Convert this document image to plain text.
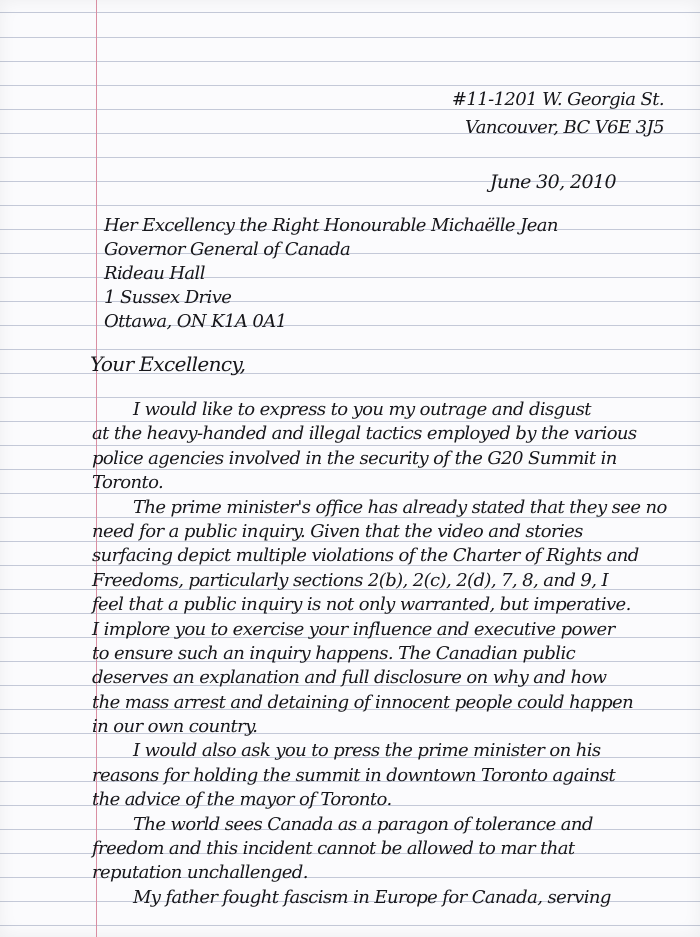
#11-1201 W. Georgia St.
Vancouver, BC V6E 3J5
June 30, 2010
Her Excellency the Right Honourable Michaëlle Jean
Governor General of Canada
Rideau Hall
1 Sussex Drive
Ottawa, ON K1A 0A1
Your Excellency,
I would like to express to you my outrage and disgust
at the heavy-handed and illegal tactics employed by the various
police agencies involved in the security of the G20 Summit in
Toronto.
The prime minister's office has already stated that they see no
need for a public inquiry. Given that the video and stories
surfacing depict multiple violations of the Charter of Rights and
Freedoms, particularly sections 2(b), 2(c), 2(d), 7, 8, and 9, I
feel that a public inquiry is not only warranted, but imperative.
I implore you to exercise your influence and executive power
to ensure such an inquiry happens. The Canadian public
deserves an explanation and full disclosure on why and how
the mass arrest and detaining of innocent people could happen
in our own country.
I would also ask you to press the prime minister on his
reasons for holding the summit in downtown Toronto against
the advice of the mayor of Toronto.
The world sees Canada as a paragon of tolerance and
freedom and this incident cannot be allowed to mar that
reputation unchallenged.
My father fought fascism in Europe for Canada, serving
